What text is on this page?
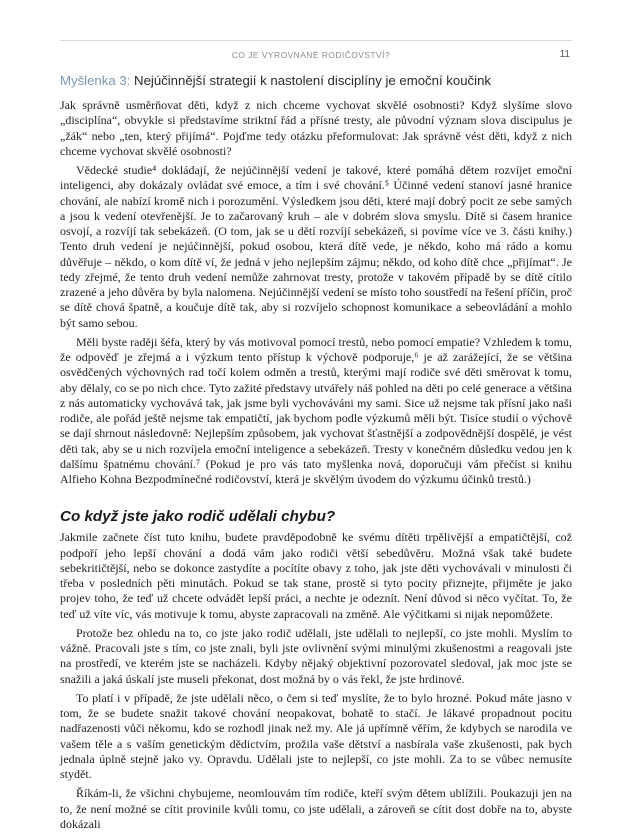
CO JE VYROVNANÉ RODIČOVSTVÍ?	11
Myšlenka 3: Nejúčinnější strategií k nastolení disciplíny je emoční koučink

Jak správně usměrňovat děti, když z nich chceme vychovat skvělé osobnosti? Když slyšíme slovo „disciplína“, obvykle si představíme striktní řád a přísné tresty, ale původní význam slova discipulus je „žák“ nebo „ten, který přijímá“. Pojďme tedy otázku přeformulovat: Jak správně vést děti, když z nich chceme vychovat skvělé osobnosti?

Vědecké studie⁴ dokládají, že nejúčinnější vedení je takové, které pomáhá dětem rozvíjet emoční inteligenci, aby dokázaly ovládat své emoce, a tím i své chování.⁵ Účinné vedení stanoví jasné hranice chování, ale nabízí kromě nich i porozumění. Výsledkem jsou děti, které mají dobrý pocit ze sebe samých a jsou k vedení otevřenější. Je to začarovaný kruh – ale v dobrém slova smyslu. Dítě si časem hranice osvojí, a rozvíjí tak sebekázeň. (O tom, jak se u dětí rozvíjí sebekázeň, si povíme více ve 3. části knihy.) Tento druh vedení je nejúčinnější, pokud osobou, která dítě vede, je někdo, koho má rádo a komu důvěřuje – někdo, o kom dítě ví, že jedná v jeho nejlepším zájmu; někdo, od koho dítě chce „přijímat“. Je tedy zřejmé, že tento druh vedení nemůže zahrnovat tresty, protože v takovém případě by se dítě cítilo zrazené a jeho důvěra by byla nalomena. Nejúčinnější vedení se místo toho soustředí na řešení příčin, proč se dítě chová špatně, a koučuje dítě tak, aby si rozvíjelo schopnost komunikace a sebeovládání a mohlo být samo sebou.

Měli byste raději šéfa, který by vás motivoval pomocí trestů, nebo pomocí empatie? Vzhledem k tomu, že odpověď je zřejmá a i výzkum tento přístup k výchově podporuje,⁶ je až zarážející, že se většina osvědčených výchovných rad točí kolem odměn a trestů, kterými mají rodiče své děti směrovat k tomu, aby dělaly, co se po nich chce. Tyto zažité představy utvářely náš pohled na děti po celé generace a většina z nás automaticky vychovává tak, jak jsme byli vychováváni my sami. Sice už nejsme tak přísní jako naši rodiče, ale pořád ještě nejsme tak empatičtí, jak bychom podle výzkumů měli být. Tisíce studií o výchově se dají shrnout následovně: Nejlepším způsobem, jak vychovat šťastnější a zodpovědnější dospělé, je vést děti tak, aby se u nich rozvíjela emoční inteligence a sebekázeň. Tresty v konečném důsledku vedou jen k dalšímu špatnému chování.⁷ (Pokud je pro vás tato myšlenka nová, doporučuji vám přečíst si knihu Alfieho Kohna Bezpodmínečné rodičovství, která je skvělým úvodem do výzkumu účinků trestů.)

Co když jste jako rodič udělali chybu?

Jakmile začnete číst tuto knihu, budete pravděpodobně ke svému dítěti trpělivější a empatičtější, což podpoří jeho lepší chování a dodá vám jako rodiči větší sebedůvěru. Možná však také budete sebekritičtější, nebo se dokonce zastydíte a pocítíte obavy z toho, jak jste děti vychovávali v minulosti či třeba v posledních pěti minutách. Pokud se tak stane, prostě si tyto pocity přiznejte, přijměte je jako projev toho, že teď už chcete odvádět lepší práci, a nechte je odeznít. Není důvod si něco vyčítat. To, že teď už víte víc, vás motivuje k tomu, abyste zapracovali na změně. Ale výčitkami si nijak nepomůžete.

Protože bez ohledu na to, co jste jako rodič udělali, jste udělali to nejlepší, co jste mohli. Myslím to vážně. Pracovali jste s tím, co jste znali, byli jste ovlivnění svými minulými zkušenostmi a reagovali jste na prostředí, ve kterém jste se nacházeli. Kdyby nějaký objektivní pozorovatel sledoval, jak moc jste se snažili a jaká úskalí jste museli překonat, dost možná by o vás řekl, že jste hrdinové.

To platí i v případě, že jste udělali něco, o čem si teď myslíte, že to bylo hrozné. Pokud máte jasno v tom, že se budete snažit takové chování neopakovat, bohatě to stačí. Je lákavé propadnout pocitu nadřazenosti vůči někomu, kdo se rozhodl jinak než my. Ale já upřímně věřím, že kdybych se narodila ve vašem těle a s vaším genetickým dědictvím, prožila vaše dětství a nasbírala vaše zkušenosti, pak bych jednala úplně stejně jako vy. Opravdu. Udělali jste to nejlepší, co jste mohli. Za to se vůbec nemusíte stydět.

Říkám-li, že všichni chybujeme, neomlouvám tím rodiče, kteří svým dětem ublížili. Poukazuji jen na to, že není možné se cítit provinile kvůli tomu, co jste udělali, a zároveň se cítit dost dobře na to, abyste dokázali
